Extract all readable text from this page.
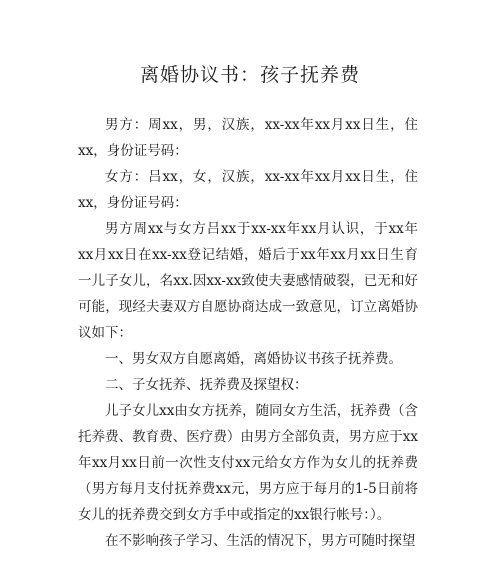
离婚协议书：孩子抚养费

男方：周xx，男，汉族，xx-xx年xx月xx日生，住xx，身份证号码：

女方：吕xx，女，汉族，xx-xx年xx月xx日生，住xx，身份证号码：

男方周xx与女方吕xx于xx-xx年xx月认识，于xx年xx月xx日在xx-xx登记结婚，婚后于xx年xx月xx日生育一儿子女儿，名xx.因xx-xx致使夫妻感情破裂，已无和好可能，现经夫妻双方自愿协商达成一致意见，订立离婚协议如下：

一、男女双方自愿离婚，离婚协议书孩子抚养费。

二、子女抚养、抚养费及探望权：

儿子女儿xx由女方抚养，随同女方生活，抚养费（含托养费、教育费、医疗费）由男方全部负责，男方应于xx年xx月xx日前一次性支付xx元给女方作为女儿的抚养费（男方每月支付抚养费xx元，男方应于每月的1-5日前将女儿的抚养费交到女方手中或指定的xx银行帐号：）。

在不影响孩子学习、生活的情况下，男方可随时探望
